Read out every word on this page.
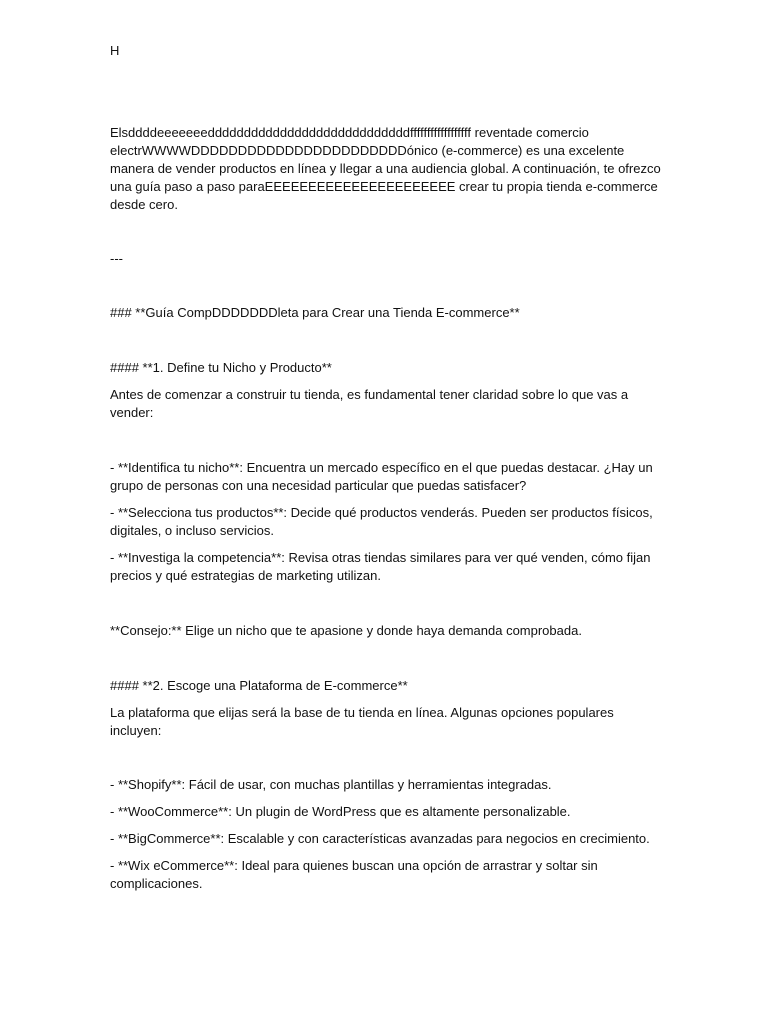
H

Elsddddeeeeeeeddddddddddddddddddddddddddddffffffffffffffffff reventade comercio electrWWWWDDDDDDDDDDDDDDDDDDDDDDDónico (e-commerce) es una excelente manera de vender productos en línea y llegar a una audiencia global. A continuación, te ofrezco una guía paso a paso paraEEEEEEEEEEEEEEEEEEEEEE crear tu propia tienda e-commerce desde cero.

---

### **Guía CompDDDDDDDleta para Crear una Tienda E-commerce**

#### **1. Define tu Nicho y Producto**

Antes de comenzar a construir tu tienda, es fundamental tener claridad sobre lo que vas a vender:

- **Identifica tu nicho**: Encuentra un mercado específico en el que puedas destacar. ¿Hay un grupo de personas con una necesidad particular que puedas satisfacer?

- **Selecciona tus productos**: Decide qué productos venderás. Pueden ser productos físicos, digitales, o incluso servicios.

- **Investiga la competencia**: Revisa otras tiendas similares para ver qué venden, cómo fijan precios y qué estrategias de marketing utilizan.

**Consejo:** Elige un nicho que te apasione y donde haya demanda comprobada.

#### **2. Escoge una Plataforma de E-commerce**

La plataforma que elijas será la base de tu tienda en línea. Algunas opciones populares incluyen:

- **Shopify**: Fácil de usar, con muchas plantillas y herramientas integradas.

- **WooCommerce**: Un plugin de WordPress que es altamente personalizable.

- **BigCommerce**: Escalable y con características avanzadas para negocios en crecimiento.

- **Wix eCommerce**: Ideal para quienes buscan una opción de arrastrar y soltar sin complicaciones.
